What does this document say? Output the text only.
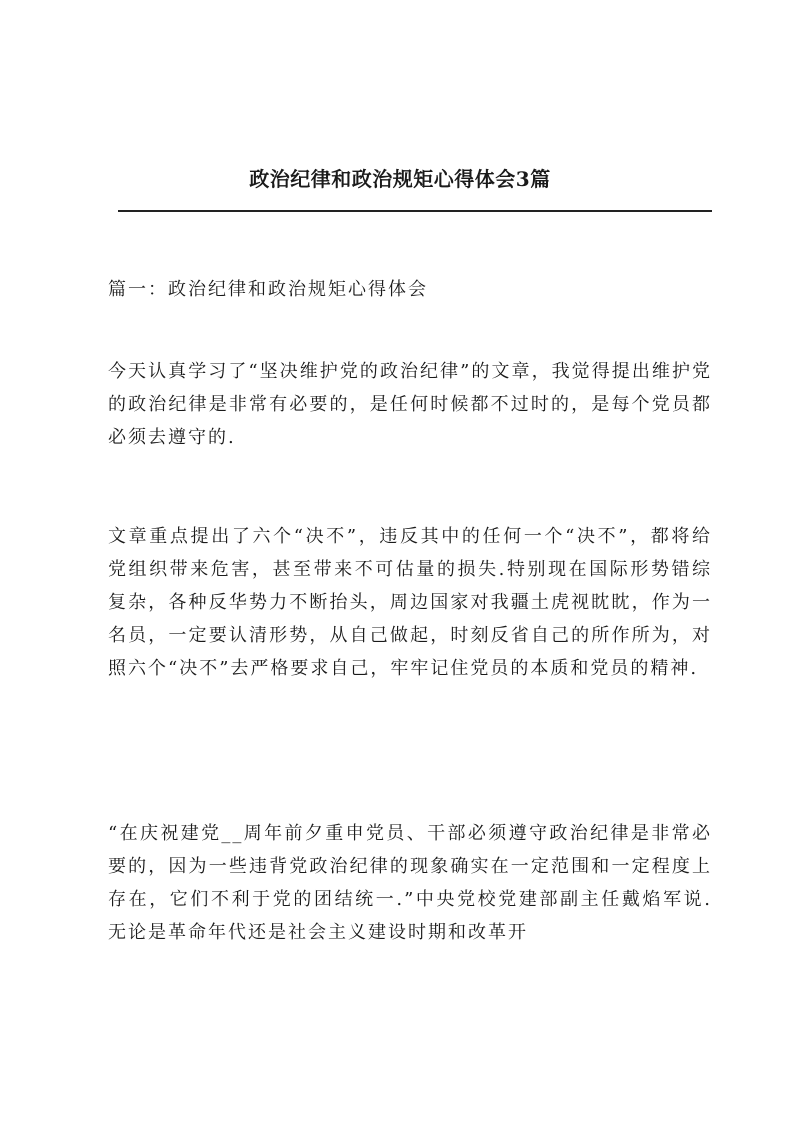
政治纪律和政治规矩心得体会3篇

篇一：政治纪律和政治规矩心得体会

今天认真学习了“坚决维护党的政治纪律”的文章，我觉得提出维护党的政治纪律是非常有必要的，是任何时候都不过时的，是每个党员都必须去遵守的.

文章重点提出了六个“决不”，违反其中的任何一个“决不”，都将给党组织带来危害，甚至带来不可估量的损失.特别现在国际形势错综复杂，各种反华势力不断抬头，周边国家对我疆土虎视眈眈，作为一名员，一定要认清形势，从自己做起，时刻反省自己的所作所为，对照六个“决不”去严格要求自己，牢牢记住党员的本质和党员的精神.

“在庆祝建党__周年前夕重申党员、干部必须遵守政治纪律是非常必要的，因为一些违背党政治纪律的现象确实在一定范围和一定程度上存在，它们不利于党的团结统一.”中央党校党建部副主任戴焰军说.无论是革命年代还是社会主义建设时期和改革开
